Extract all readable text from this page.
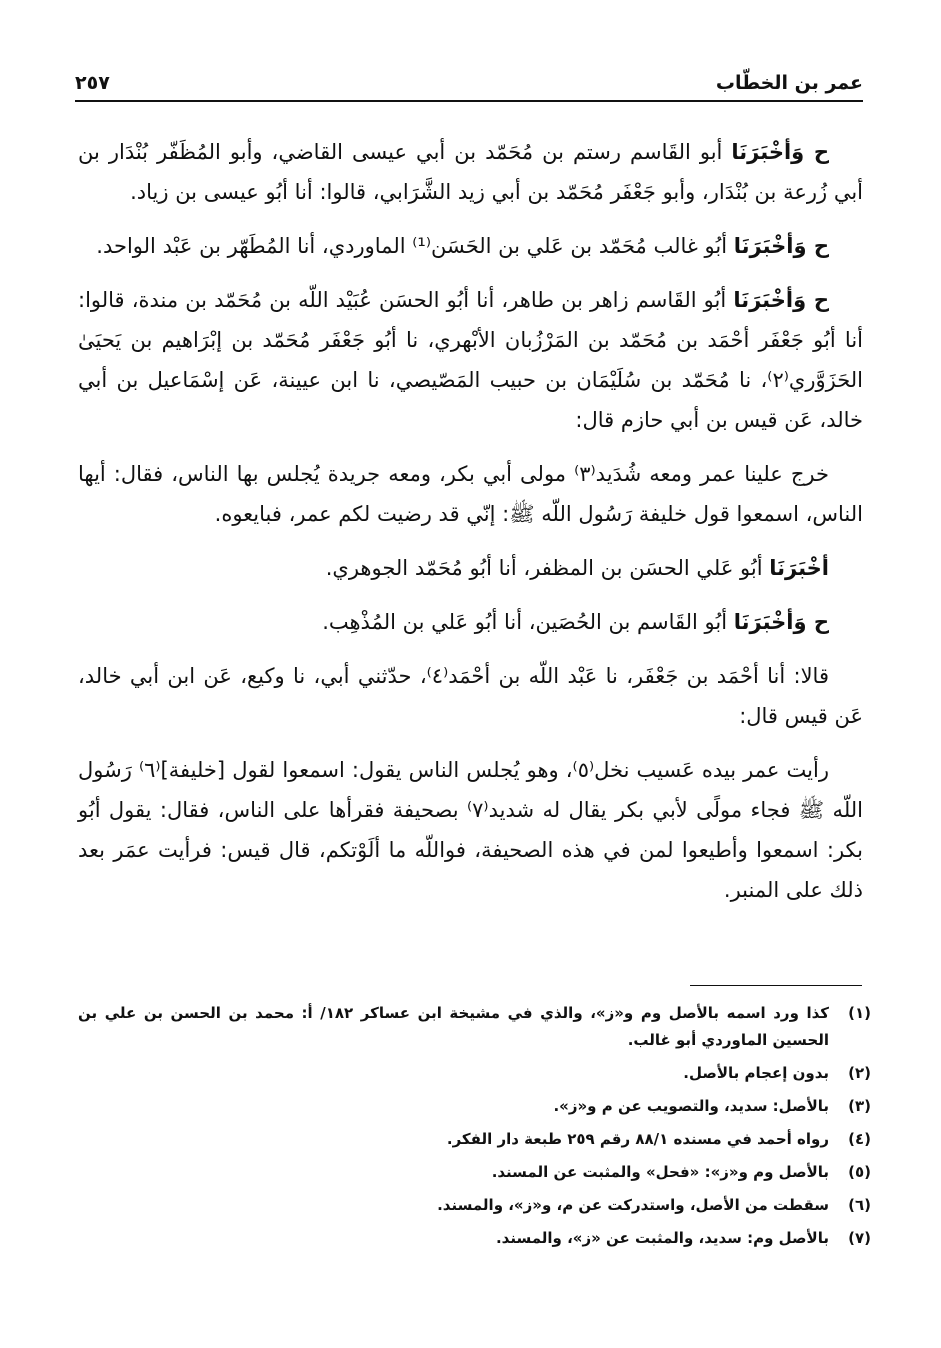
عمر بن الخطّاب
٢٥٧

ح وَأخْبَرَنَا أبو القَاسم رستم بن مُحَمّد بن أبي عيسى القاضي، وأبو المُظَفّر بُنْدَار بن أبي زُرعة بن بُنْدَار، وأبو جَعْفَر مُحَمّد بن أبي زيد الشَّرَابي، قالوا: أنا أبُو عيسى بن زياد.

ح وَأخْبَرَنَا أبُو غالب مُحَمّد بن عَلي بن الحَسَن⁽¹⁾ الماوردي، أنا المُطَهّر بن عَبْد الواحد.

ح وَأخْبَرَنَا أبُو القَاسم زاهر بن طاهر، أنا أبُو الحسَن عُبَيْد اللّه بن مُحَمّد بن مندة، قالوا: أنا أبُو جَعْفَر أحْمَد بن مُحَمّد بن المَرْزُبان الأبْهري، نا أبُو جَعْفَر مُحَمّد بن إبْرَاهيم بن يَحيَىٰ الحَزَوَّري⁽٢⁾، نا مُحَمّد بن سُلَيْمَان بن حبيب المَصّيصي، نا ابن عيينة، عَن إسْمَاعيل بن أبي خالد، عَن قيس بن أبي حازم قال:

خرج علينا عمر ومعه شُدَيد⁽٣⁾ مولى أبي بكر، ومعه جريدة يُجلس بها الناس، فقال: أيها الناس، اسمعوا قول خليفة رَسُول اللّه ﷺ: إنّي قد رضيت لكم عمر، فبايعوه.

أخْبَرَنَا أبُو عَلي الحسَن بن المظفر، أنا أبُو مُحَمّد الجوهري.

ح وَأخْبَرَنَا أبُو القَاسم بن الحُصَين، أنا أبُو عَلي بن المُذْهِب.

قالا: أنا أحْمَد بن جَعْفَر، نا عَبْد اللّه بن أحْمَد⁽٤⁾، حدّثني أبي، نا وكيع، عَن ابن أبي خالد، عَن قيس قال:

رأيت عمر بيده عَسيب نخل⁽٥⁾، وهو يُجلس الناس يقول: اسمعوا لقول [خليفة]⁽٦⁾ رَسُول اللّه ﷺ فجاء مولًى لأبي بكر يقال له شديد⁽٧⁾ بصحيفة فقرأها على الناس، فقال: يقول أبُو بكر: اسمعوا وأطيعوا لمن في هذه الصحيفة، فواللّه ما ألَوْتكم، قال قيس: فرأيت عمَر بعد ذلك على المنبر.

(١)
كذا ورد اسمه بالأصل وم و«ز»، والذي في مشيخة ابن عساكر ١٨٢/ أ: محمد بن الحسن بن علي بن الحسين الماوردي أبو غالب.
(٢)
بدون إعجام بالأصل.
(٣)
بالأصل: سديد، والتصويب عن م و«ز».
(٤)
رواه أحمد في مسنده ٨٨/١ رقم ٢٥٩ طبعة دار الفكر.
(٥)
بالأصل وم و«ز»: «فحل» والمثبت عن المسند.
(٦)
سقطت من الأصل، واستدركت عن م، و«ز»، والمسند.
(٧)
بالأصل وم: سديد، والمثبت عن «ز»، والمسند.
